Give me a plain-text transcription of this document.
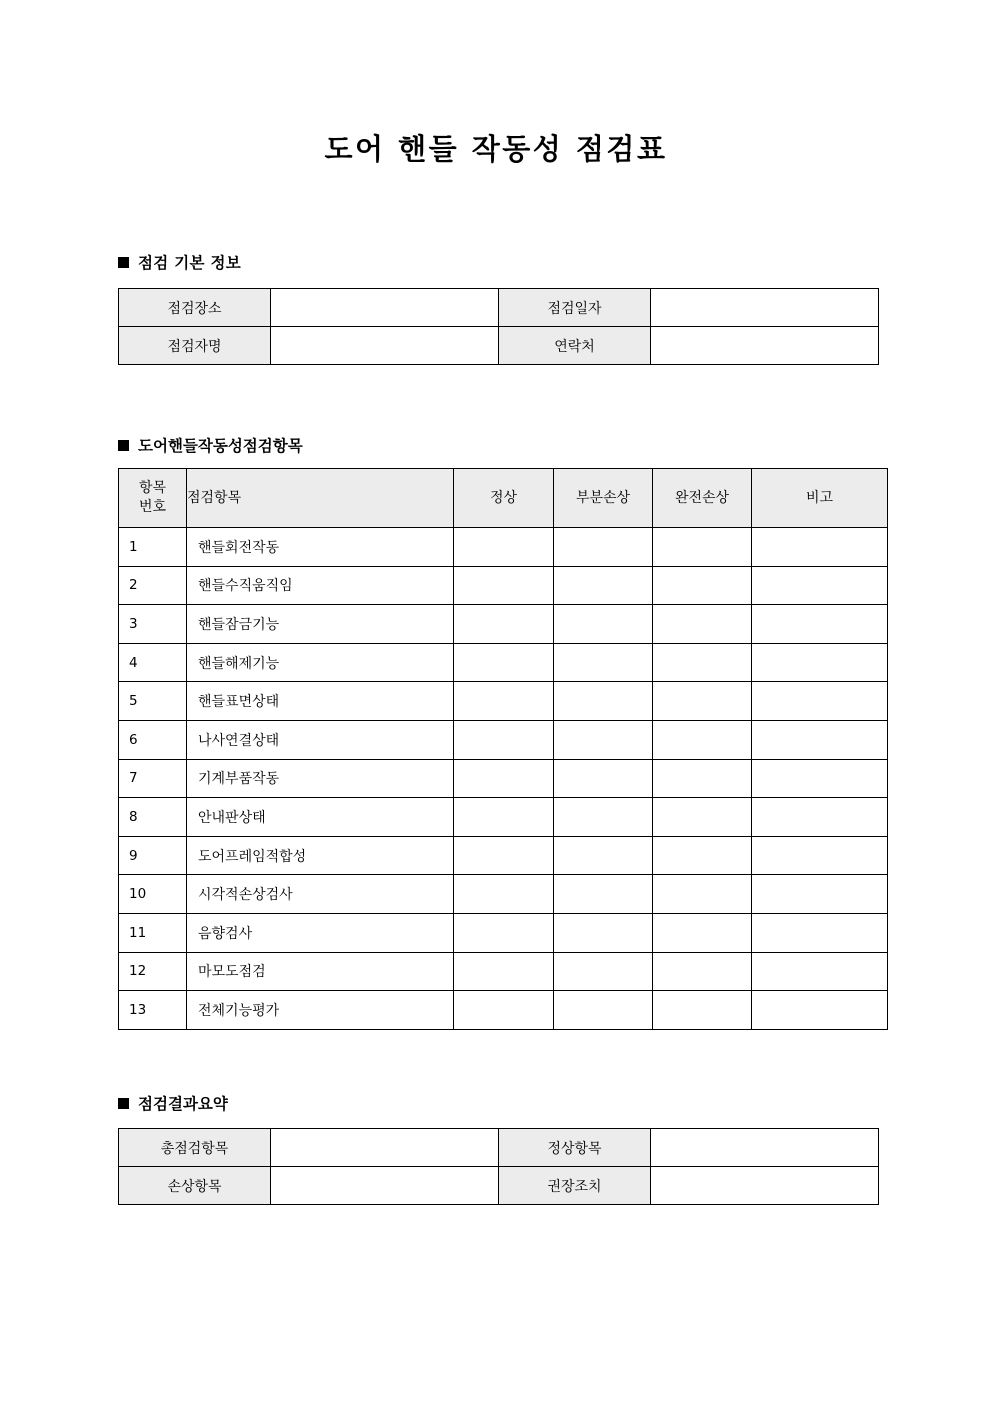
도어 핸들 작동성 점검표
점검 기본 정보
점검장소		점검일자	
점검자명		연락처	
도어핸들작동성점검항목
항목
번호	점검항목	정상	부분손상	완전손상	비고
1	핸들회전작동				
2	핸들수직움직임				
3	핸들잠금기능				
4	핸들해제기능				
5	핸들표면상태				
6	나사연결상태				
7	기계부품작동				
8	안내판상태				
9	도어프레임적합성				
10	시각적손상검사				
11	음향검사				
12	마모도점검				
13	전체기능평가				
점검결과요약
총점검항목		정상항목	
손상항목		권장조치	
